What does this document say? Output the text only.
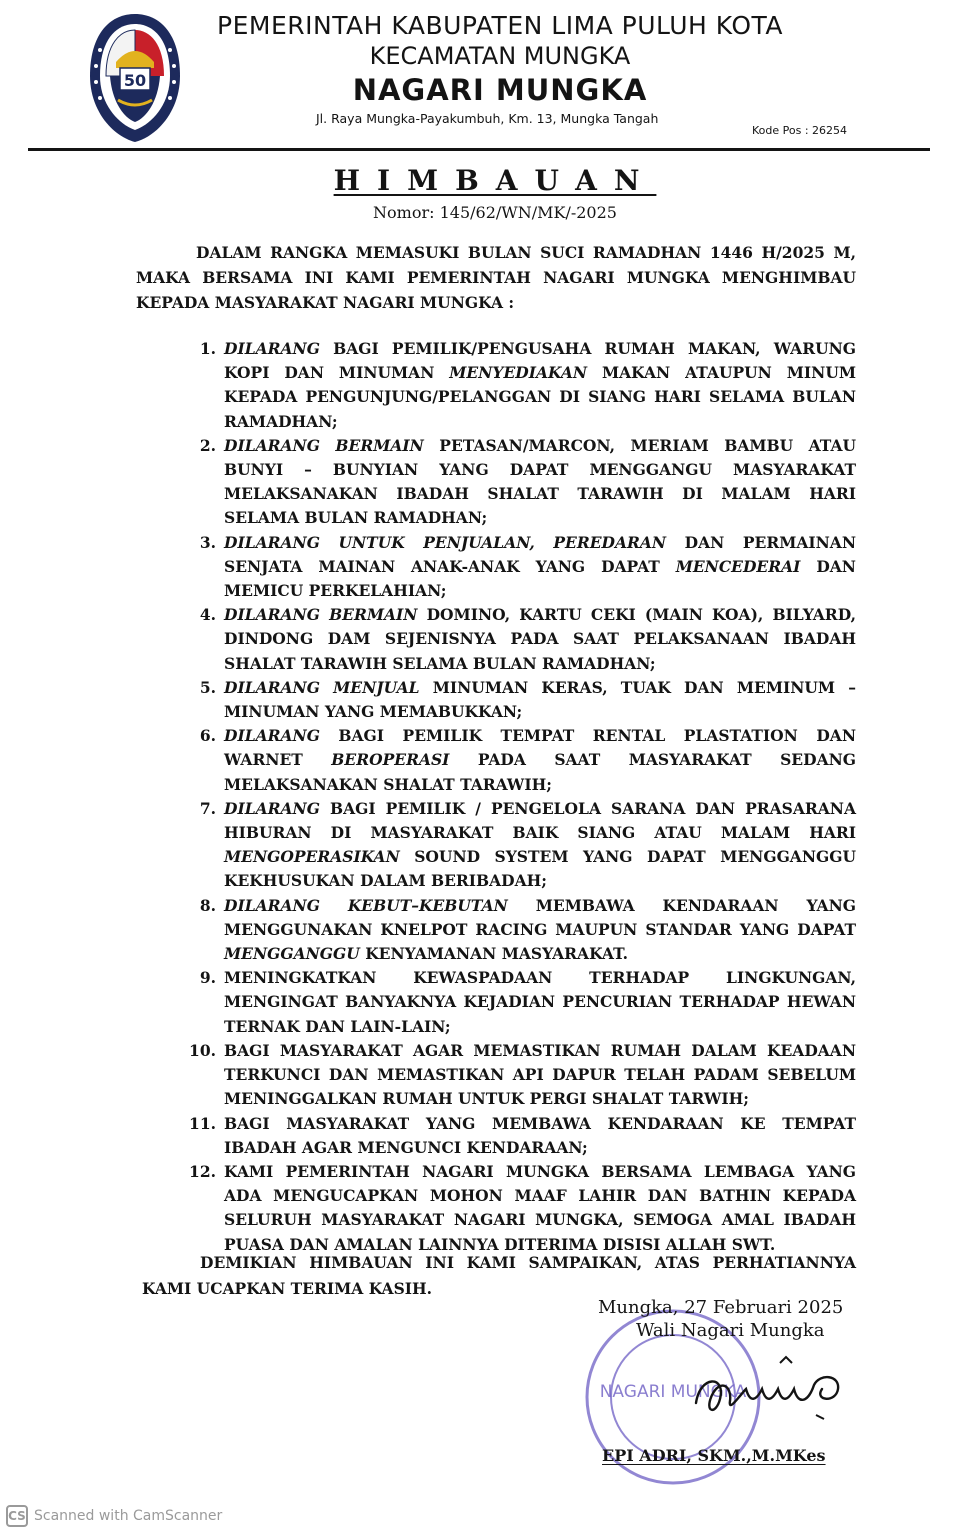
50
PEMERINTAH KABUPATEN LIMA PULUH KOTA
KECAMATAN MUNGKA
NAGARI MUNGKA
Jl. Raya Mungka-Payakumbuh, Km. 13, Mungka Tangah
Kode Pos : 26254
HIMBAUAN
Nomor: 145/62/WN/MK/-2025

DALAM RANGKA MEMASUKI BULAN SUCI RAMADHAN 1446 H/2025 M,

MAKA BERSAMA INI KAMI PEMERINTAH NAGARI MUNGKA MENGHIMBAU

KEPADA MASYARAKAT NAGARI MUNGKA :

1. DILARANG BAGI PEMILIK/PENGUSAHA RUMAH MAKAN, WARUNG KOPI DAN MINUMAN MENYEDIAKAN MAKAN ATAUPUN MINUM KEPADA PENGUNJUNG/PELANGGAN DI SIANG HARI SELAMA BULAN RAMADHAN;
2. DILARANG BERMAIN PETASAN/MARCON, MERIAM BAMBU ATAU BUNYI – BUNYIAN YANG DAPAT MENGGANGU MASYARAKAT MELAKSANAKAN IBADAH SHALAT TARAWIH DI MALAM HARI SELAMA BULAN RAMADHAN;
3. DILARANG UNTUK PENJUALAN, PEREDARAN DAN PERMAINAN SENJATA MAINAN ANAK-ANAK YANG DAPAT MENCEDERAI DAN MEMICU PERKELAHIAN;
4. DILARANG BERMAIN DOMINO, KARTU CEKI (MAIN KOA), BILYARD, DINDONG DAM SEJENISNYA PADA SAAT PELAKSANAAN IBADAH SHALAT TARAWIH SELAMA BULAN RAMADHAN;
5. DILARANG MENJUAL MINUMAN KERAS, TUAK DAN MEMINUM – MINUMAN YANG MEMABUKKAN;
6. DILARANG BAGI PEMILIK TEMPAT RENTAL PLASTATION DAN WARNET BEROPERASI PADA SAAT MASYARAKAT SEDANG MELAKSANAKAN SHALAT TARAWIH;
7. DILARANG BAGI PEMILIK / PENGELOLA SARANA DAN PRASARANA HIBURAN DI MASYARAKAT BAIK SIANG ATAU MALAM HARI MENGOPERASIKAN SOUND SYSTEM YANG DAPAT MENGGANGGU KEKHUSUKAN DALAM BERIBADAH;
8. DILARANG KEBUT–KEBUTAN MEMBAWA KENDARAAN YANG MENGGUNAKAN KNELPOT RACING MAUPUN STANDAR YANG DAPAT MENGGANGGU KENYAMANAN MASYARAKAT.
9. MENINGKATKAN KEWASPADAAN TERHADAP LINGKUNGAN, MENGINGAT BANYAKNYA KEJADIAN PENCURIAN TERHADAP HEWAN TERNAK DAN LAIN-LAIN;
10. BAGI MASYARAKAT AGAR MEMASTIKAN RUMAH DALAM KEADAAN TERKUNCI DAN MEMASTIKAN API DAPUR TELAH PADAM SEBELUM MENINGGALKAN RUMAH UNTUK PERGI SHALAT TARWIH;
11. BAGI MASYARAKAT YANG MEMBAWA KENDARAAN KE TEMPAT IBADAH AGAR MENGUNCI KENDARAAN;
12. KAMI PEMERINTAH NAGARI MUNGKA BERSAMA LEMBAGA YANG ADA MENGUCAPKAN MOHON MAAF LAHIR DAN BATHIN KEPADA SELURUH MASYARAKAT NAGARI MUNGKA, SEMOGA AMAL IBADAH PUASA DAN AMALAN LAINNYA DITERIMA DISISI ALLAH SWT.
DEMIKIAN HIMBAUAN INI KAMI SAMPAIKAN, ATAS PERHATIANNYA
KAMI UCAPKAN TERIMA KASIH.
NAGARI MUNGKA
Mungka, 27 Februari 2025
Wali Nagari Mungka
EPI ADRI, SKM.,M.MKes
CS Scanned with CamScanner
